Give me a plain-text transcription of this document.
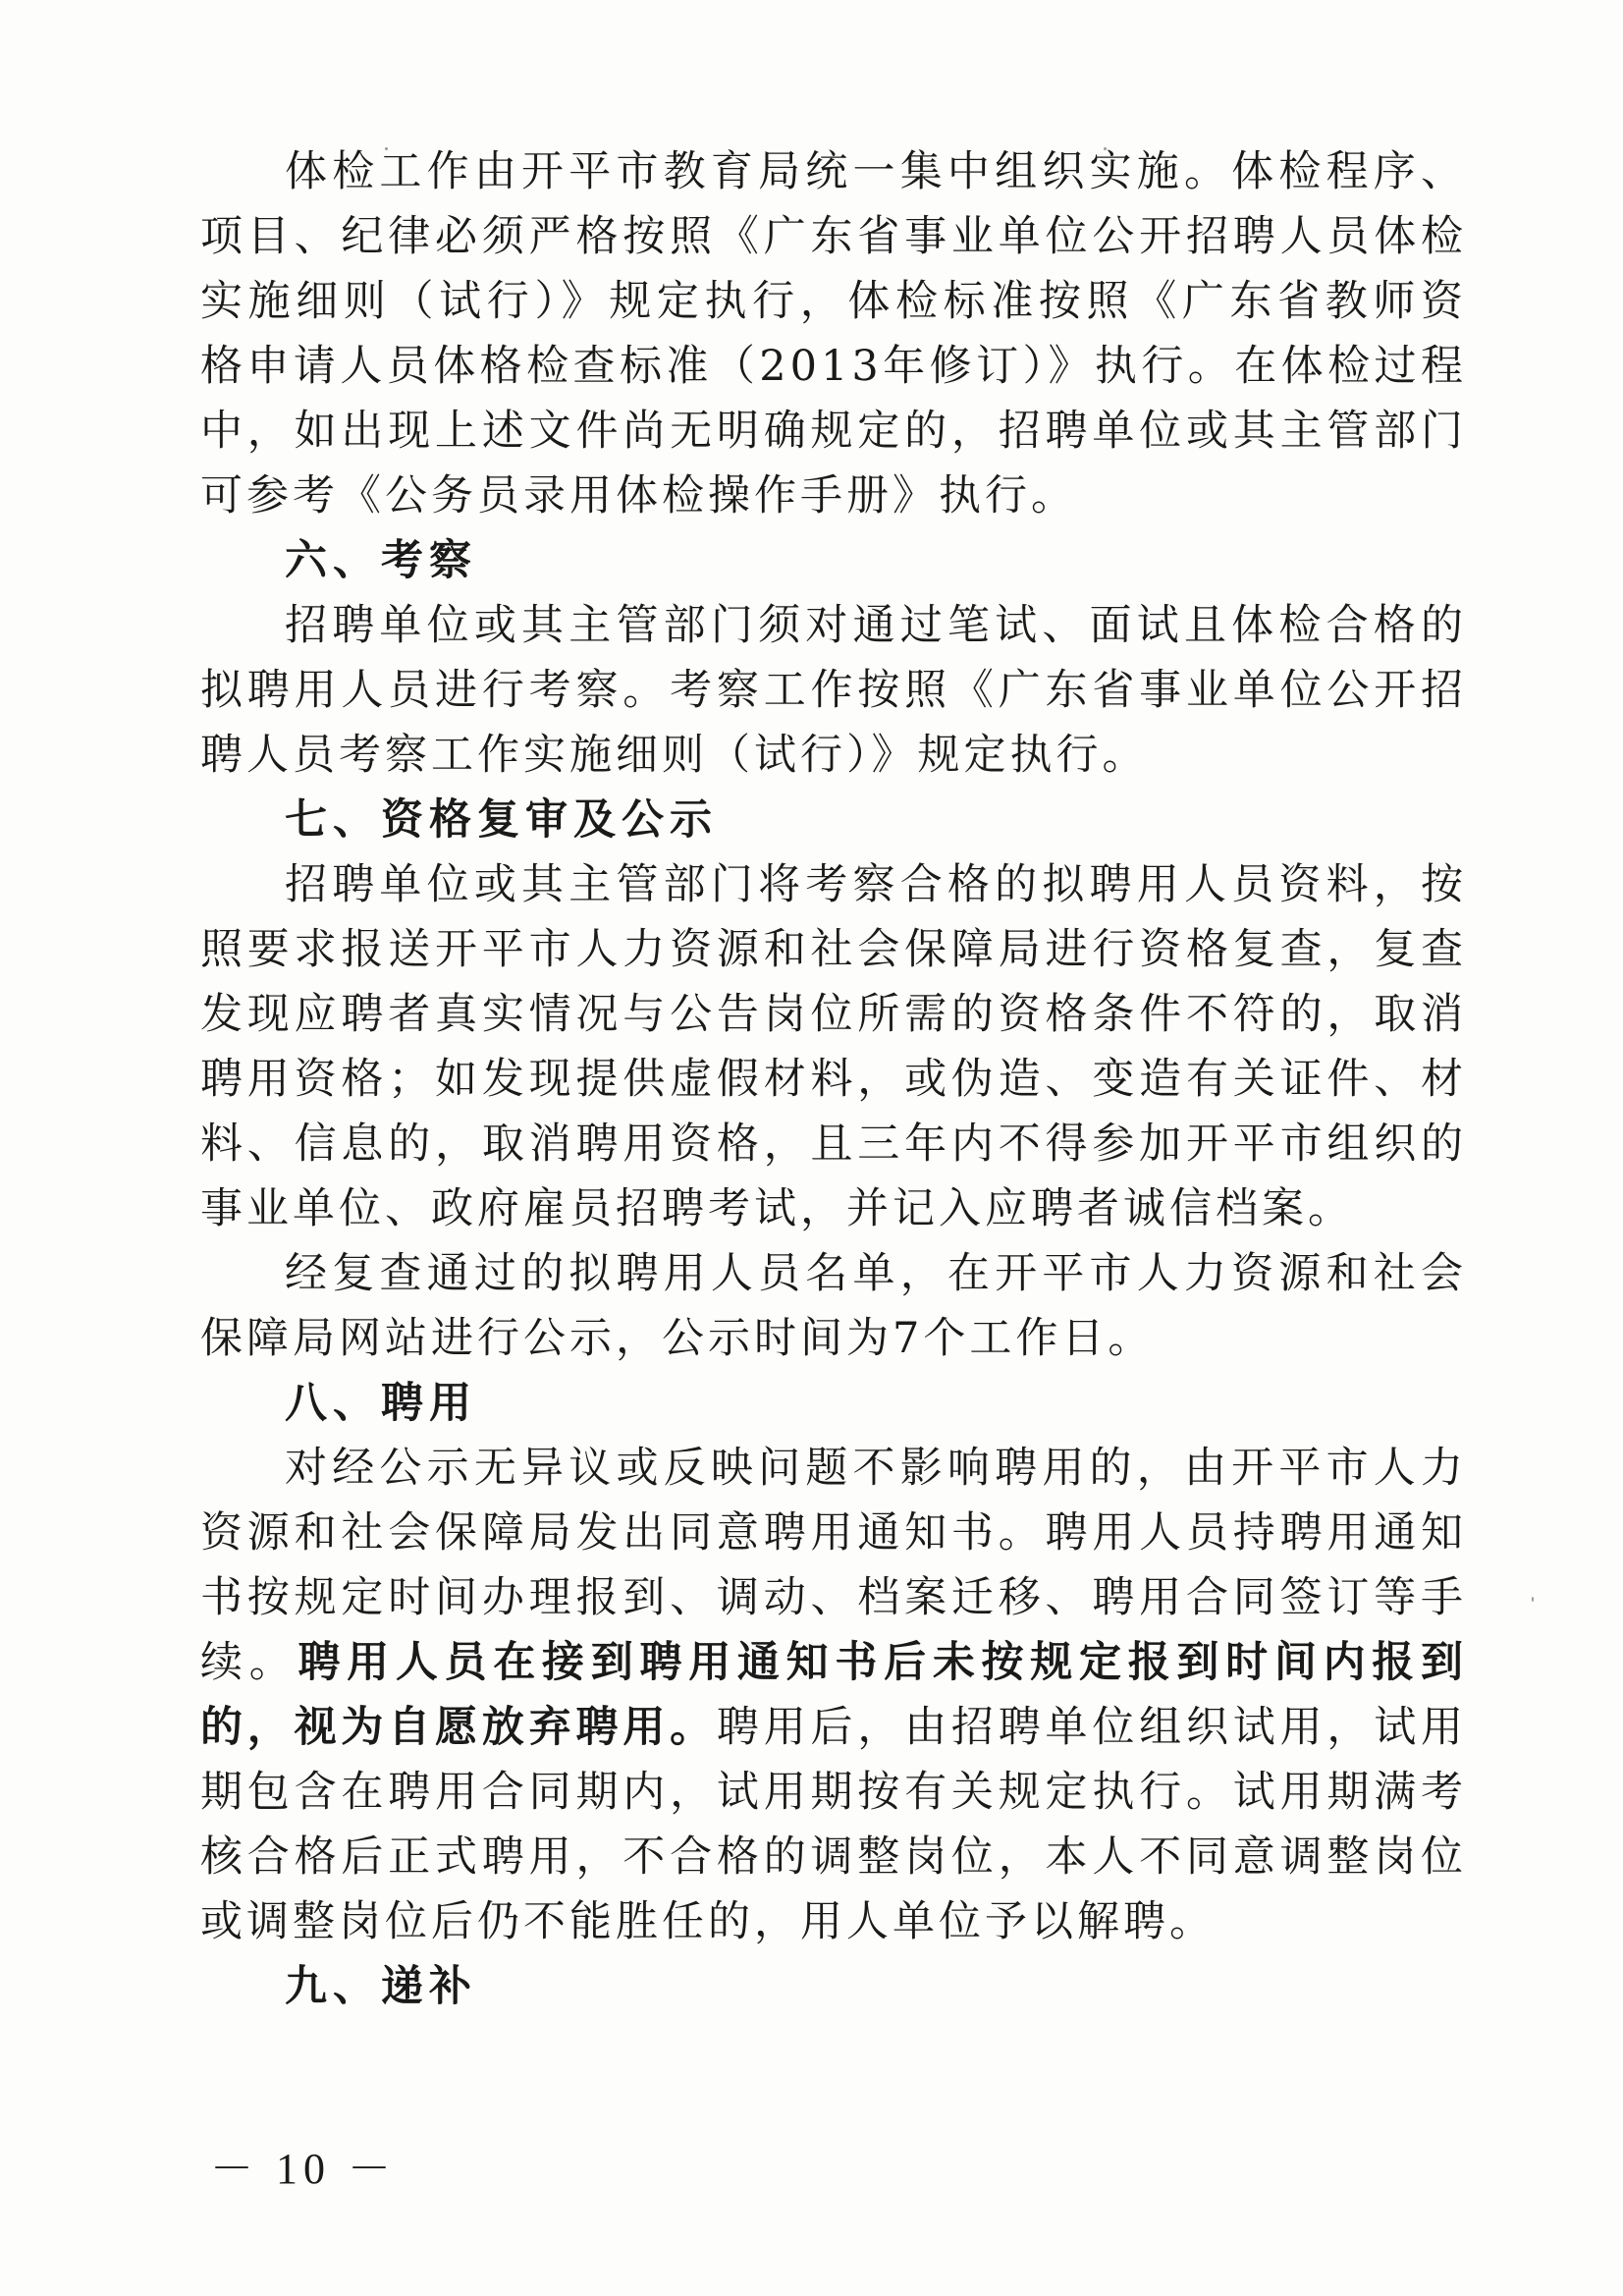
体检工作由开平市教育局统一集中组织实施。体检程序、项目、纪律必须严格按照《广东省事业单位公开招聘人员体检实施细则（试行）》规定执行，体检标准按照《广东省教师资格申请人员体格检查标准（2013年修订）》执行。在体检过程中，如出现上述文件尚无明确规定的，招聘单位或其主管部门可参考《公务员录用体检操作手册》执行。

六、考察

招聘单位或其主管部门须对通过笔试、面试且体检合格的拟聘用人员进行考察。考察工作按照《广东省事业单位公开招聘人员考察工作实施细则（试行）》规定执行。

七、资格复审及公示

招聘单位或其主管部门将考察合格的拟聘用人员资料，按照要求报送开平市人力资源和社会保障局进行资格复查，复查发现应聘者真实情况与公告岗位所需的资格条件不符的，取消聘用资格；如发现提供虚假材料，或伪造、变造有关证件、材料、信息的，取消聘用资格，且三年内不得参加开平市组织的事业单位、政府雇员招聘考试，并记入应聘者诚信档案。

经复查通过的拟聘用人员名单，在开平市人力资源和社会保障局网站进行公示，公示时间为7个工作日。

八、聘用

对经公示无异议或反映问题不影响聘用的，由开平市人力资源和社会保障局发出同意聘用通知书。聘用人员持聘用通知书按规定时间办理报到、调动、档案迁移、聘用合同签订等手续。聘用人员在接到聘用通知书后未按规定报到时间内报到的，视为自愿放弃聘用。聘用后，由招聘单位组织试用，试用期包含在聘用合同期内，试用期按有关规定执行。试用期满考核合格后正式聘用，不合格的调整岗位，本人不同意调整岗位或调整岗位后仍不能胜任的，用人单位予以解聘。

九、递补

－ 10 －
